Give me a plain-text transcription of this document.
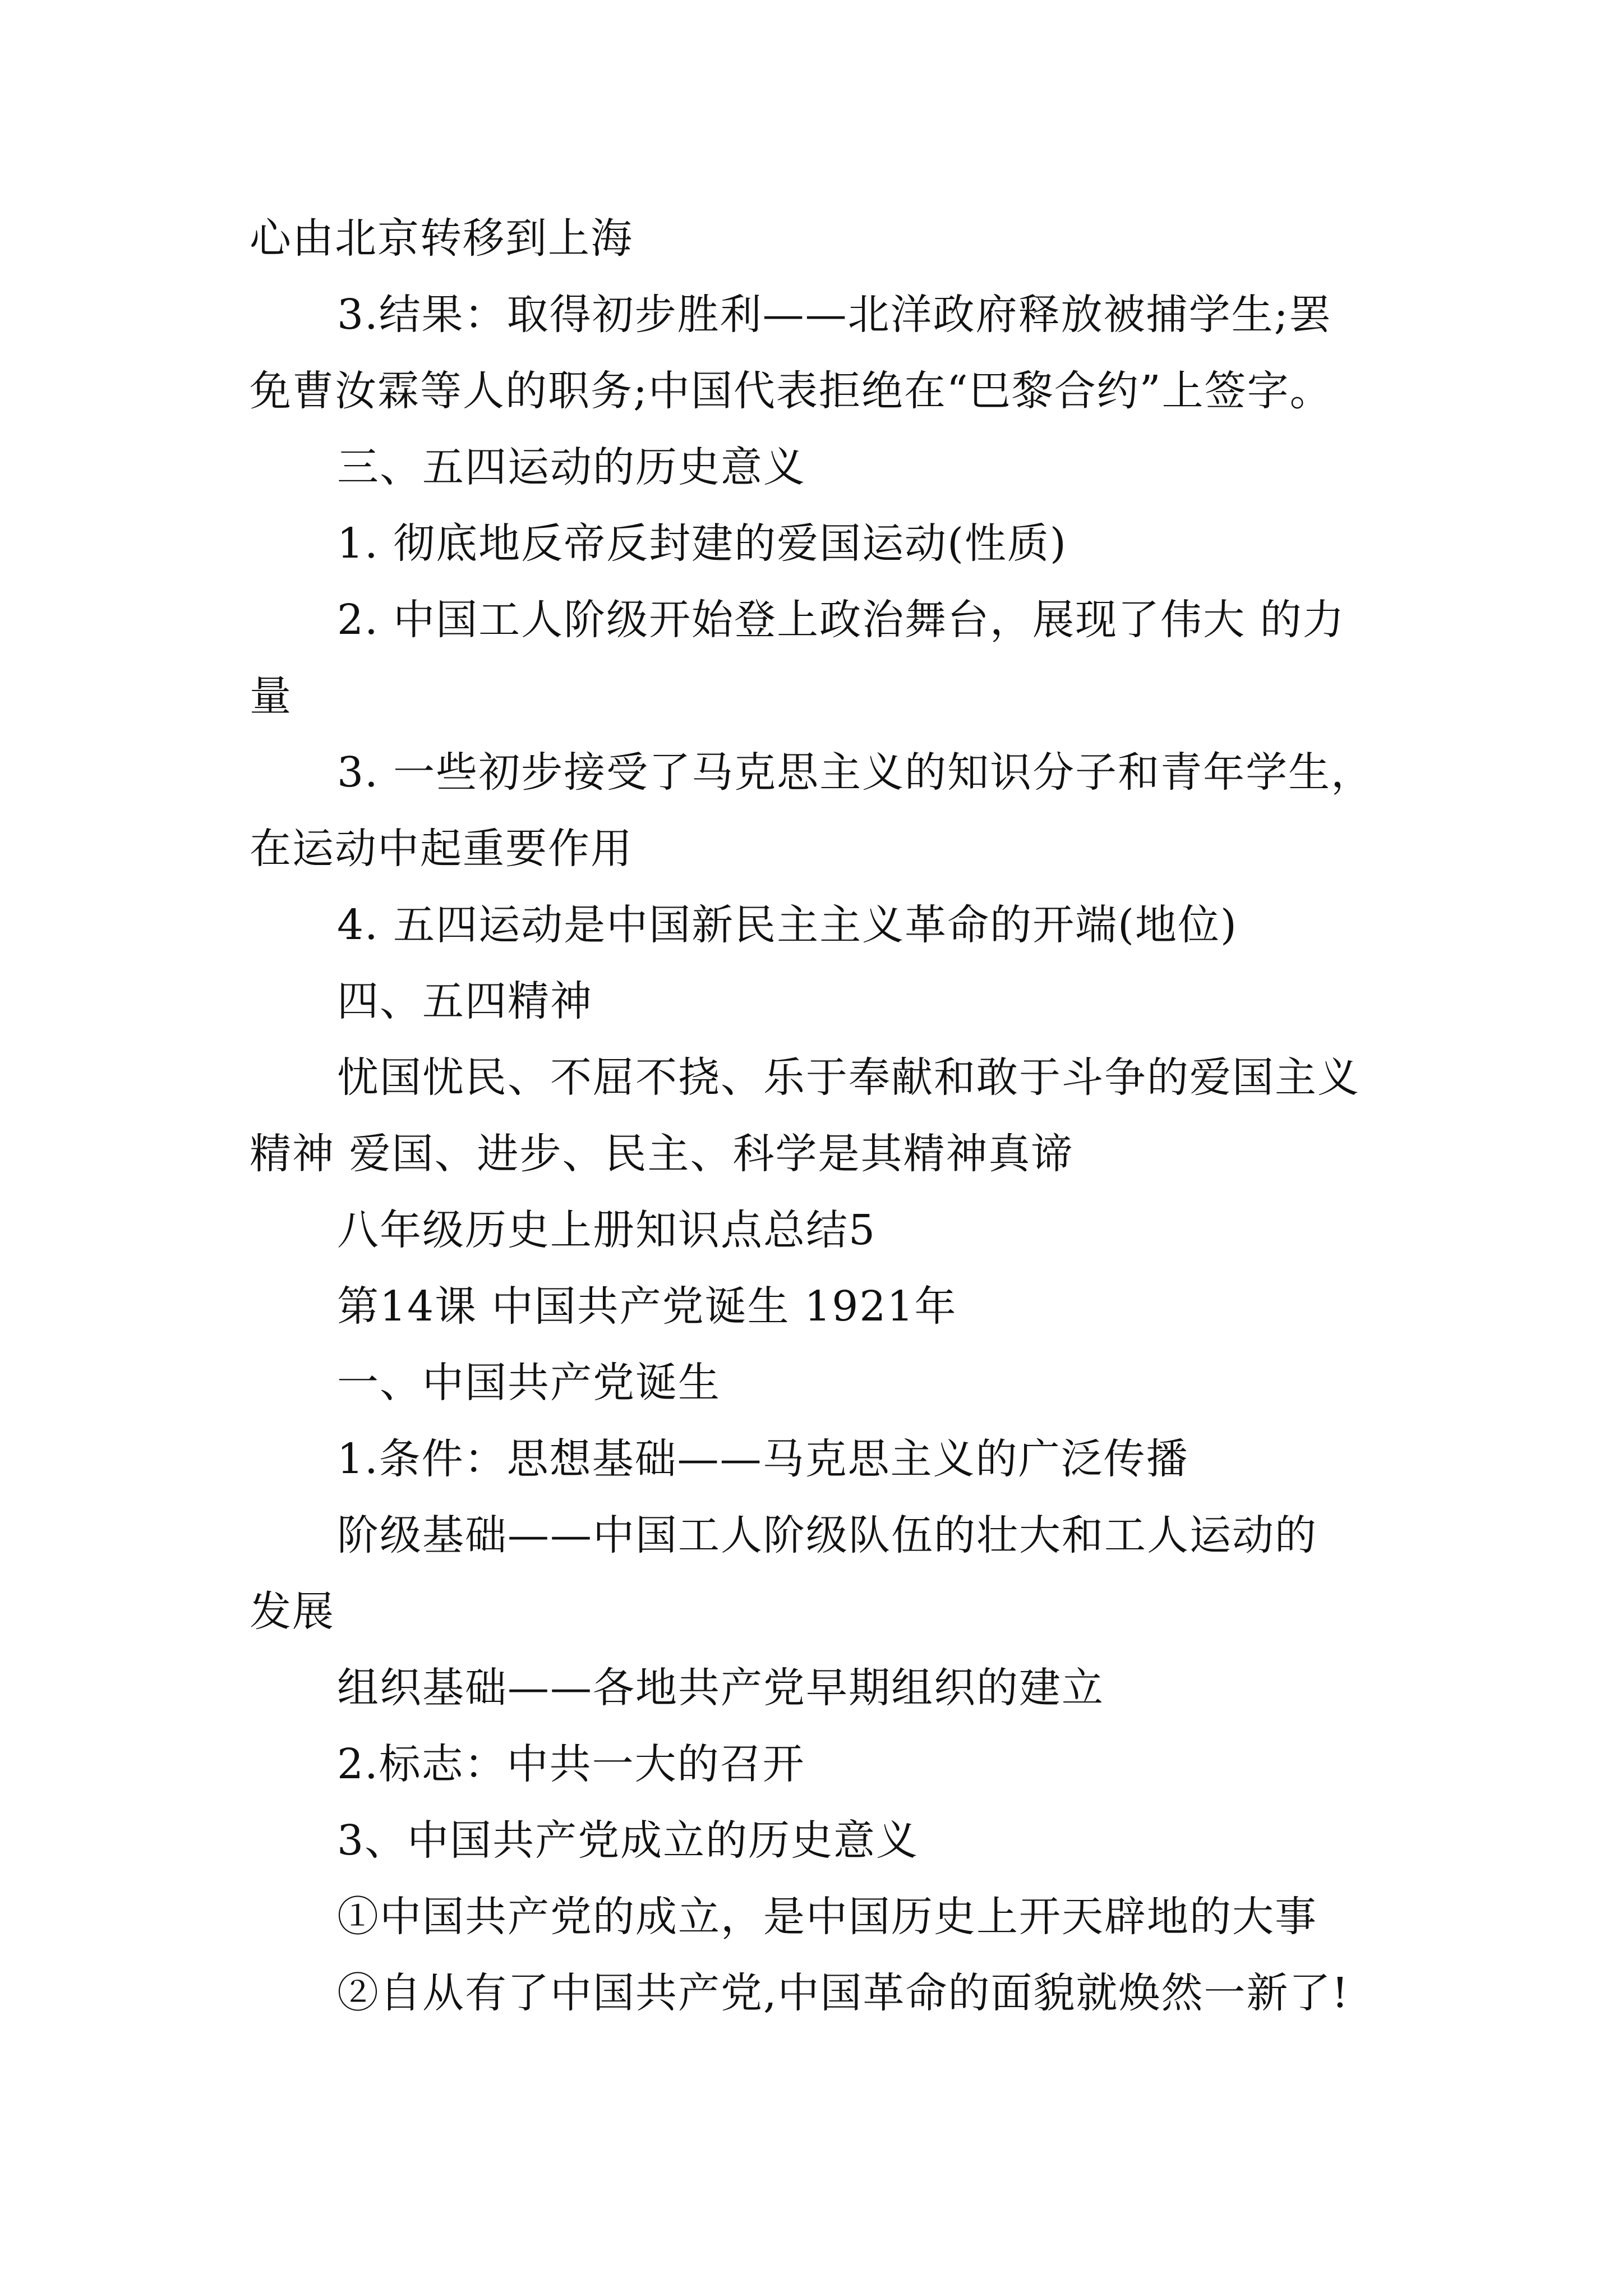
心由北京转移到上海
3.结果：取得初步胜利——北洋政府释放被捕学生;罢
免曹汝霖等人的职务;中国代表拒绝在“巴黎合约”上签字。
三、五四运动的历史意义
1. 彻底地反帝反封建的爱国运动(性质)
2. 中国工人阶级开始登上政治舞台，展现了伟大 的力
量
3. 一些初步接受了马克思主义的知识分子和青年学生，
在运动中起重要作用
4. 五四运动是中国新民主主义革命的开端(地位)
四、五四精神
忧国忧民、不屈不挠、乐于奉献和敢于斗争的爱国主义
精神 爱国、进步、民主、科学是其精神真谛
八年级历史上册知识点总结5
第14课 中国共产党诞生 1921年
一、中国共产党诞生
1.条件：思想基础——马克思主义的广泛传播
阶级基础——中国工人阶级队伍的壮大和工人运动的
发展
组织基础——各地共产党早期组织的建立
2.标志：中共一大的召开
3、中国共产党成立的历史意义
①中国共产党的成立，是中国历史上开天辟地的大事
②自从有了中国共产党,中国革命的面貌就焕然一新了!
